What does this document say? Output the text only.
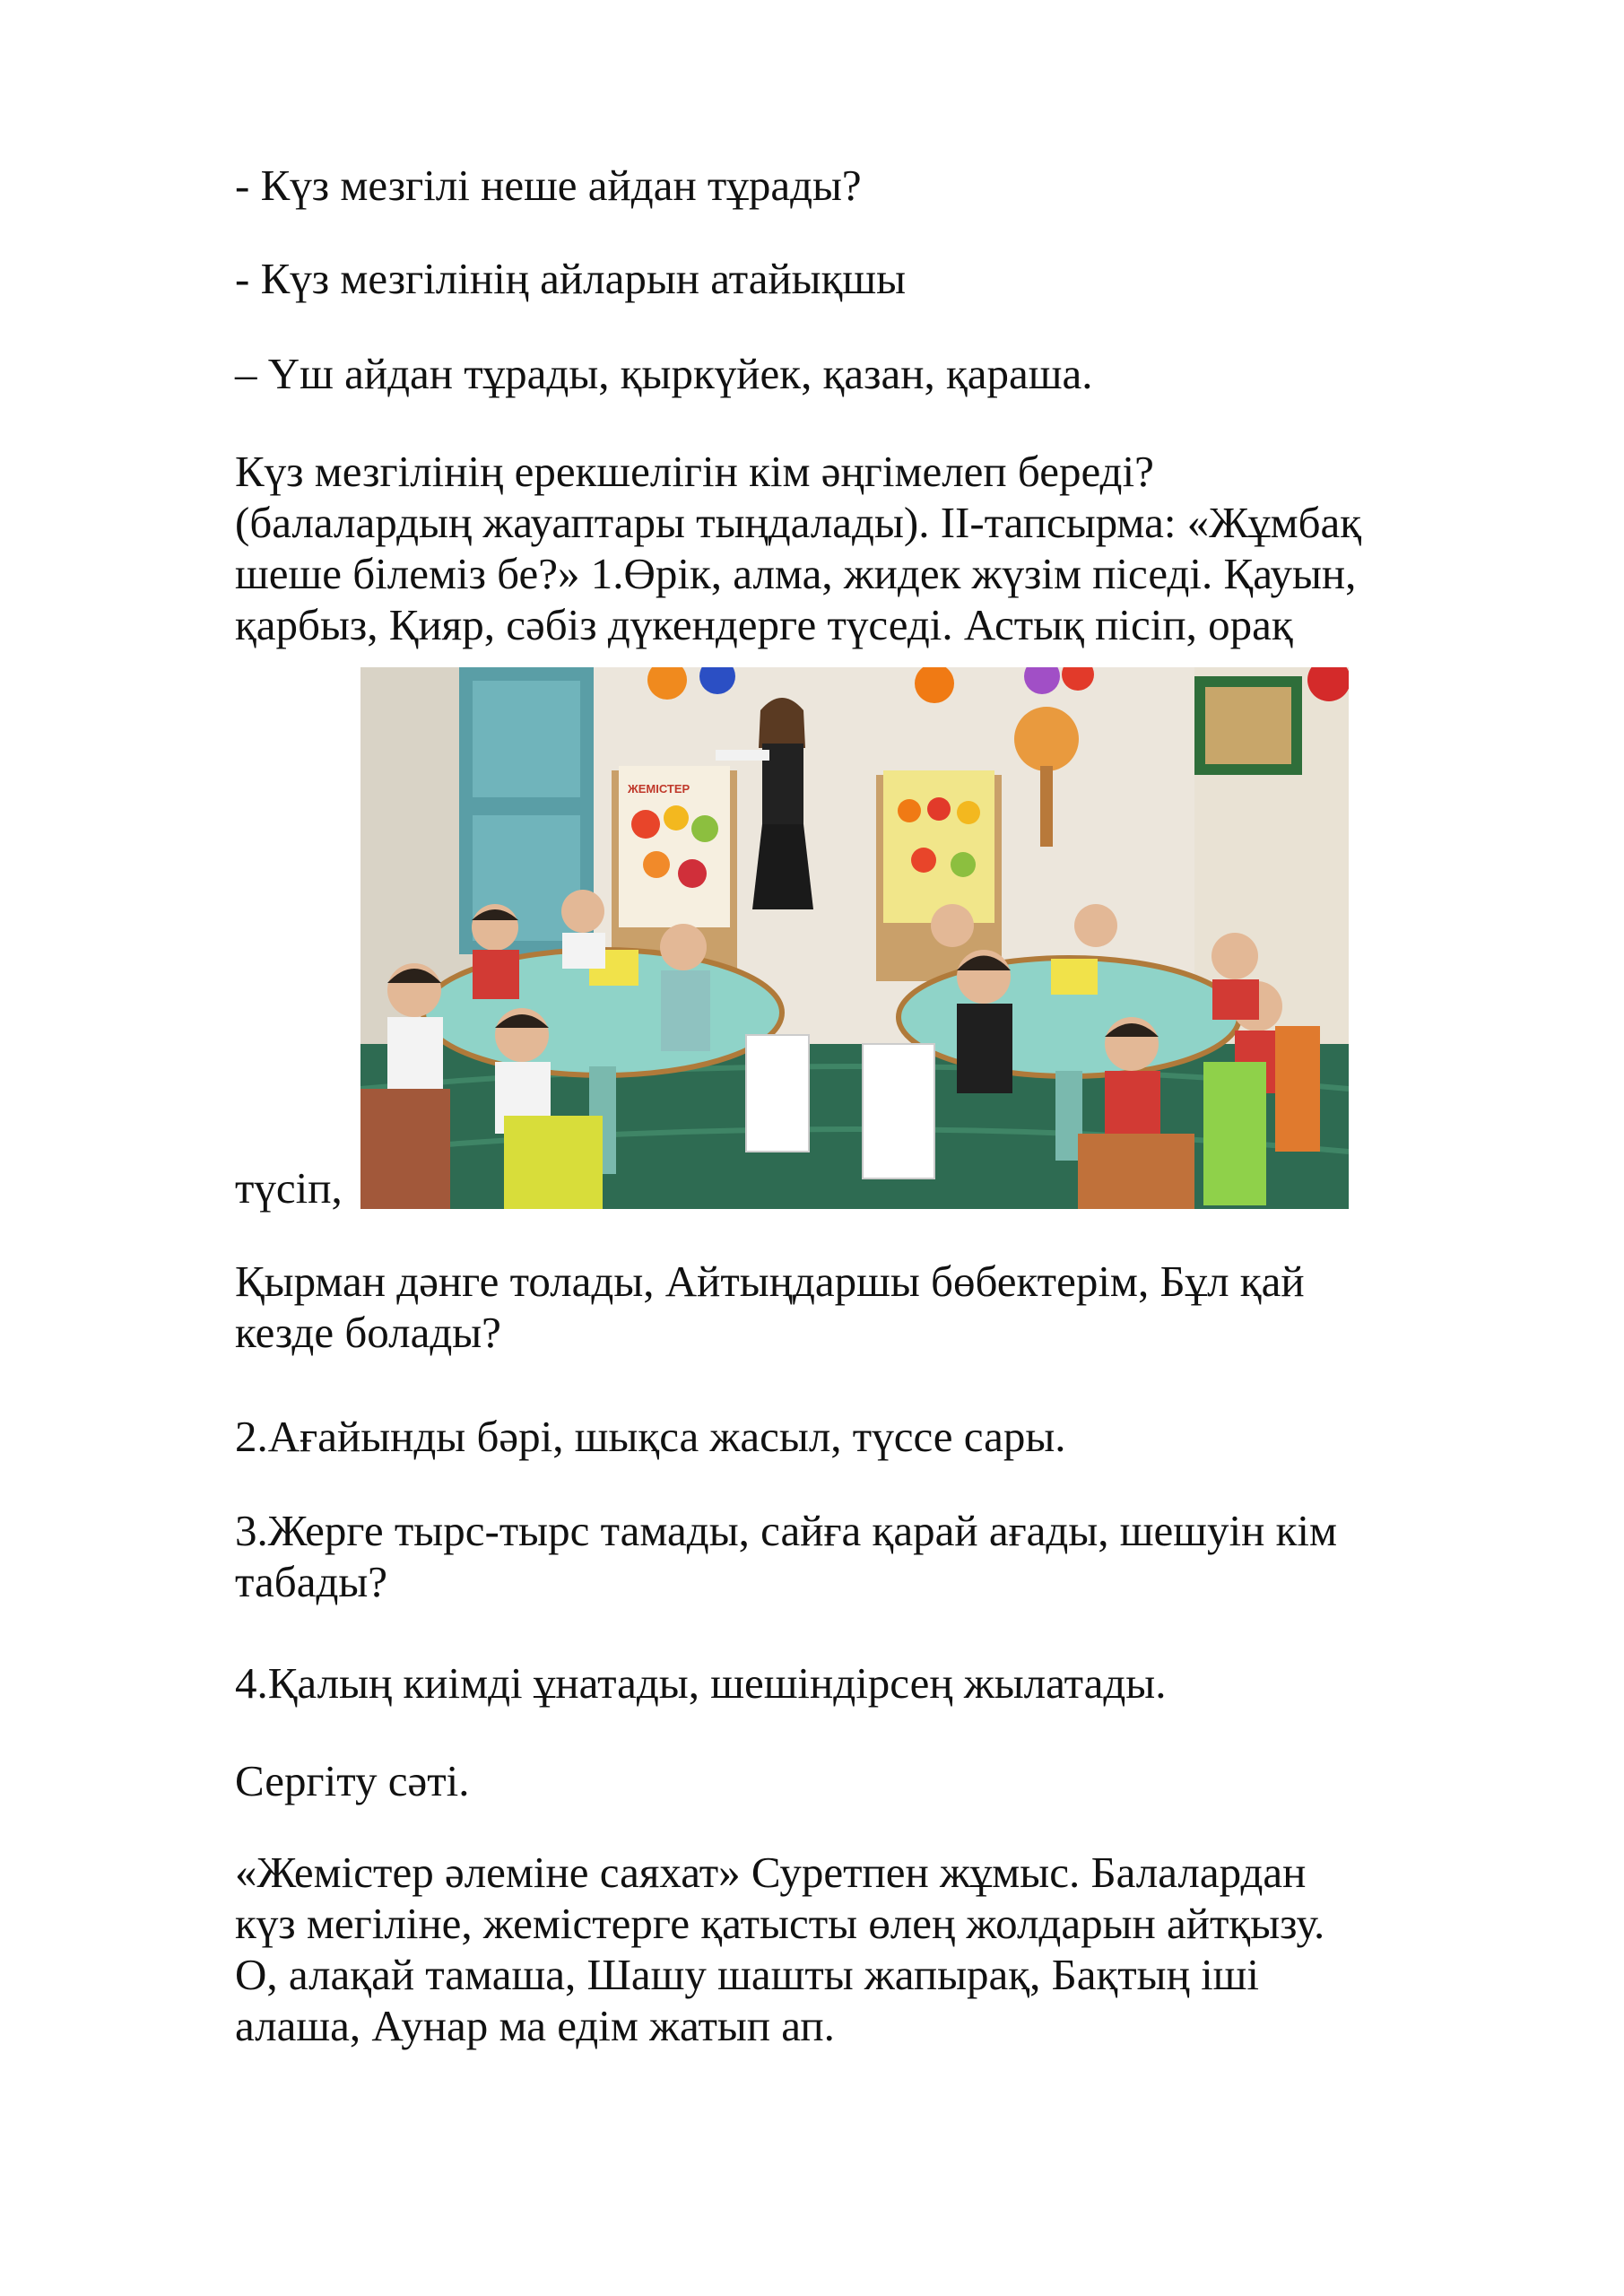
- Күз мезгілі неше айдан тұрады?

- Күз мезгілінің айларын атайықшы

– Үш айдан тұрады, қыркүйек, қазан, қараша.

Күз мезгілінің ерекшелігін кім әңгімелеп береді?

(балалардың жауаптары тыңдалады). ІІ-тапсырма: «Жұмбақ

шеше білеміз бе?» 1.Өрік, алма, жидек жүзім піседі. Қауын,

қарбыз, Қияр, сәбіз дүкендерге түседі. Астық пісіп, орақ

ЖЕМІСТЕР

түсіп,

Қырман дәнге толады, Айтыңдаршы бөбектерім, Бұл қай

кезде болады?

2.Ағайынды бәрі, шықса жасыл, түссе сары.

3.Жерге тырс-тырс тамады, сайға қарай ағады, шешуін кім

табады?

4.Қалың киімді ұнатады, шешіндірсең жылатады.

Сергіту сәті.

«Жемістер әлеміне саяхат» Суретпен жұмыс. Балалардан

күз мегіліне, жемістерге қатысты өлең жолдарын айтқызу.

О, алақай тамаша, Шашу шашты жапырақ, Бақтың іші

алаша, Аунар ма едім жатып ап.
